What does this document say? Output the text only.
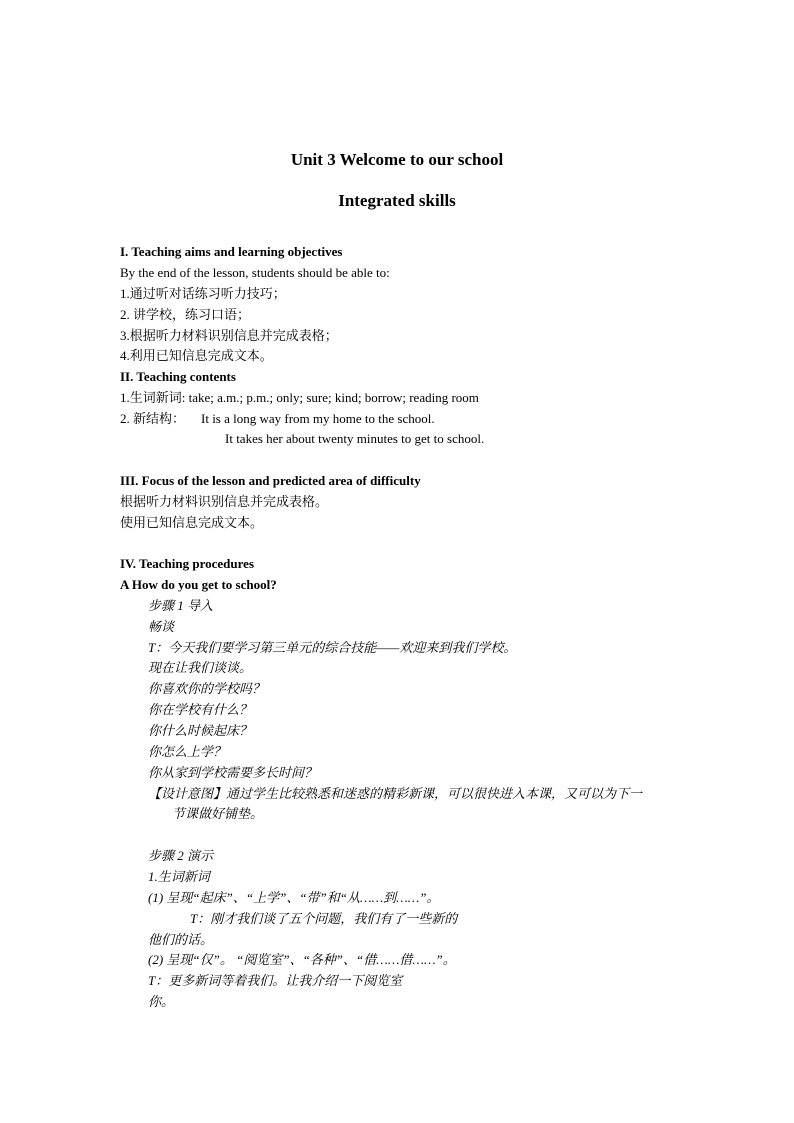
Unit 3 Welcome to our school
Integrated skills
I. Teaching aims and learning objectives
By the end of the lesson, students should be able to:
1.通过听对话练习听力技巧；
2. 讲学校，练习口语；
3.根据听力材料识别信息并完成表格；
4.利用已知信息完成文本。
II. Teaching contents
1.生词新词: take; a.m.; p.m.; only; sure; kind; borrow; reading room
2. 新结构： It is a long way from my home to the school.
It takes her about twenty minutes to get to school.
III. Focus of the lesson and predicted area of difficulty
根据听力材料识别信息并完成表格。
使用已知信息完成文本。
IV. Teaching procedures
A How do you get to school?
步骤 1 导入
畅谈
T：今天我们要学习第三单元的综合技能——欢迎来到我们学校。
现在让我们谈谈。
你喜欢你的学校吗？
你在学校有什么？
你什么时候起床？
你怎么上学？
你从家到学校需要多长时间？
【设计意图】通过学生比较熟悉和迷惑的精彩新课，可以很快进入本课，又可以为下一
节课做好铺垫。
步骤 2 演示
1.生词新词
(1) 呈现“起床”、“上学”、“带”和“从……到……”。
T：刚才我们谈了五个问题，我们有了一些新的
他们的话。
(2) 呈现“仅”。 “阅览室”、“各种”、“借……借……”。
T：更多新词等着我们。让我介绍一下阅览室
你。
